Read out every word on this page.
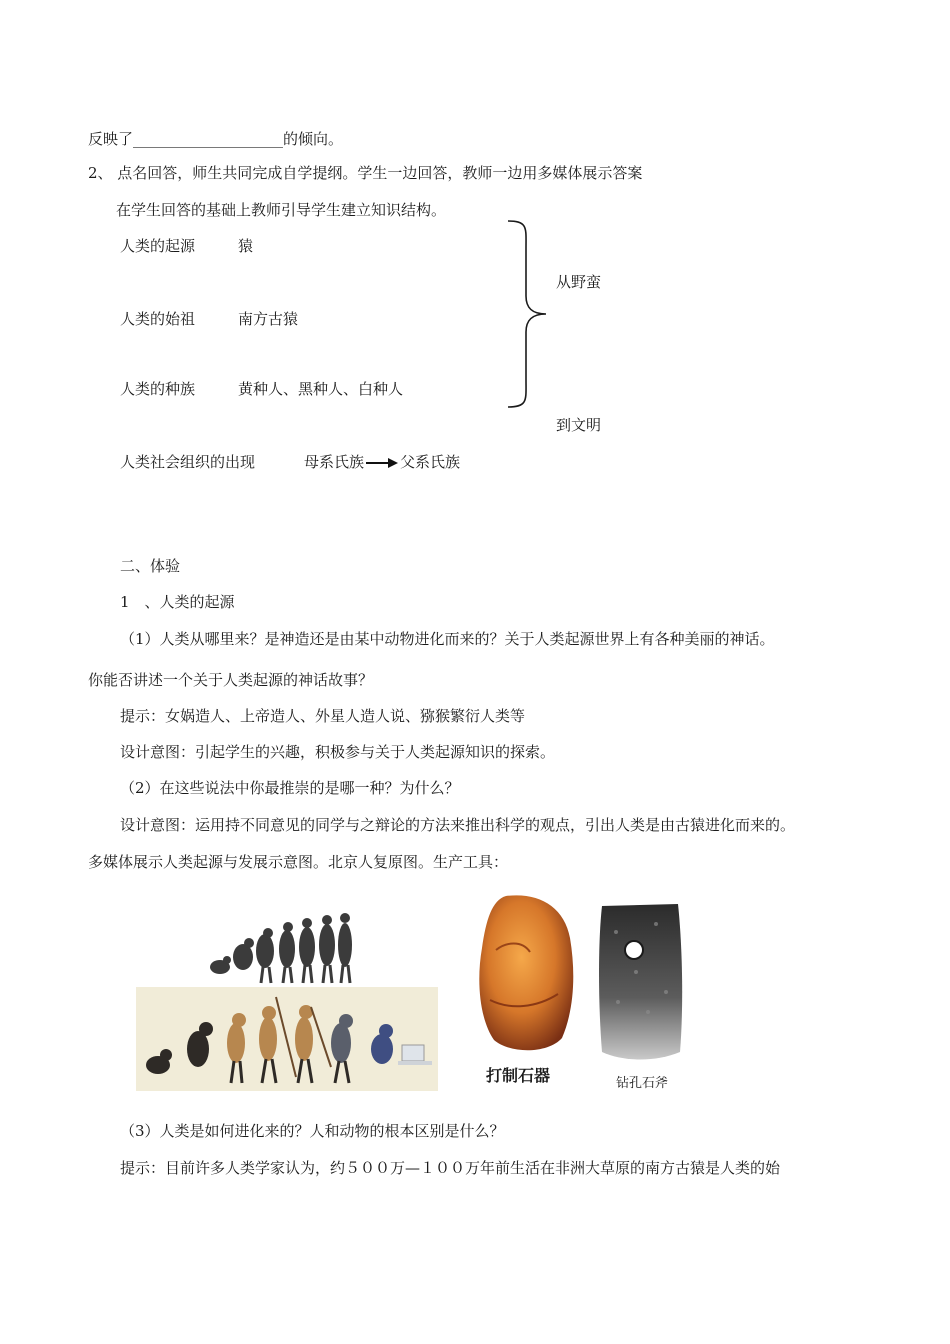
反映了____________________的倾向。
2、 点名回答，师生共同完成自学提纲。学生一边回答，教师一边用多媒体展示答案
在学生回答的基础上教师引导学生建立知识结构。
人类的起源	猿
人类的始祖	南方古猿
人类的种族	黄种人、黑种人、白种人
从野蛮
到文明
人类社会组织的出现	母系氏族 父系氏族
二、体验
1　、人类的起源
（1）人类从哪里来？是神造还是由某中动物进化而来的？关于人类起源世界上有各种美丽的神话。
你能否讲述一个关于人类起源的神话故事？
提示：女娲造人、上帝造人、外星人造人说、猕猴繁衍人类等
设计意图：引起学生的兴趣，积极参与关于人类起源知识的探索。
（2）在这些说法中你最推崇的是哪一种？为什么？
设计意图：运用持不同意见的同学与之辩论的方法来推出科学的观点，引出人类是由古猿进化而来的。
多媒体展示人类起源与发展示意图。北京人复原图。生产工具：
打制石器	钻孔石斧
（3）人类是如何进化来的？人和动物的根本区别是什么？
提示：目前许多人类学家认为，约５００万—１００万年前生活在非洲大草原的南方古猿是人类的始
